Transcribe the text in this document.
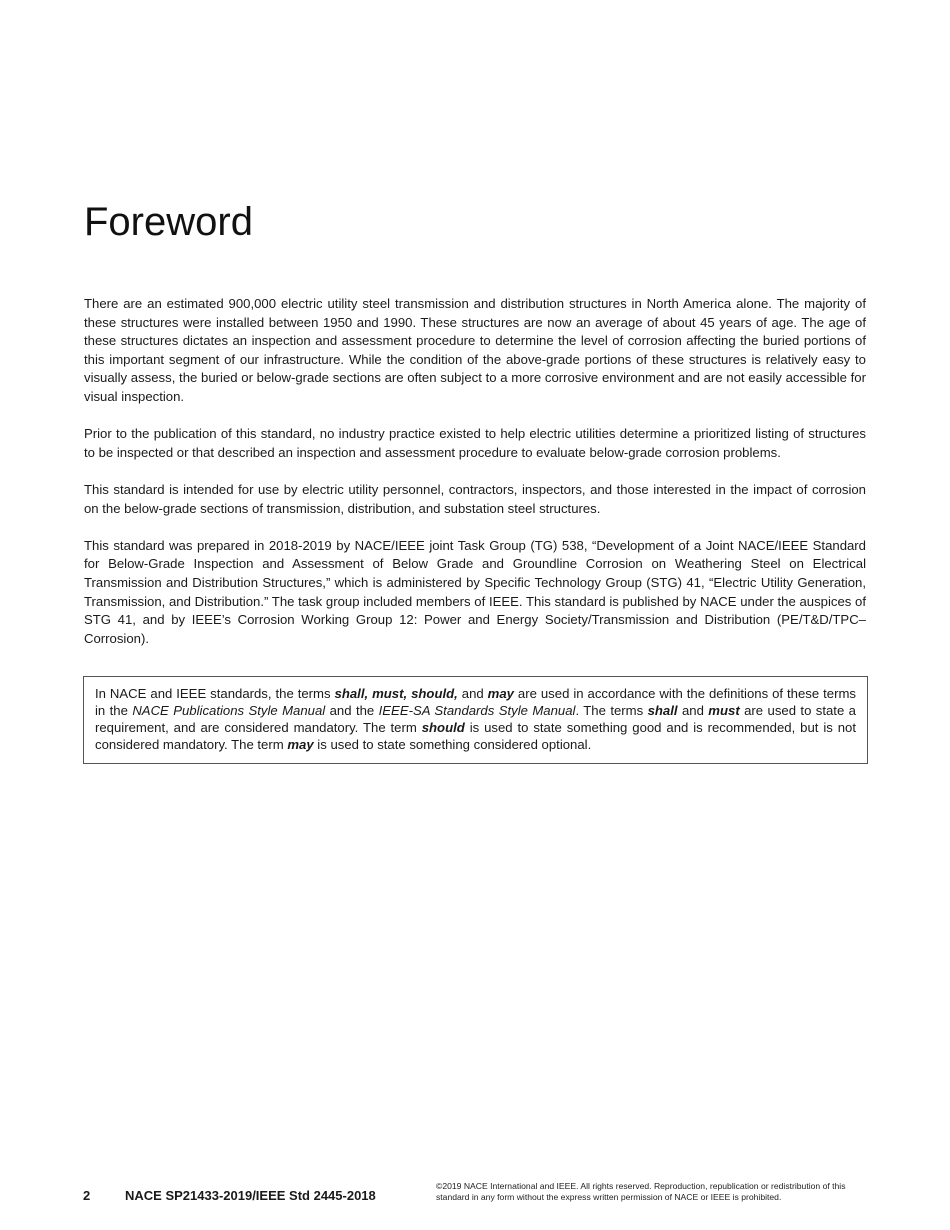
Foreword

There are an estimated 900,000 electric utility steel transmission and distribution structures in North America alone. The majority of these structures were installed between 1950 and 1990. These structures are now an average of about 45 years of age. The age of these structures dictates an inspection and assessment procedure to determine the level of corrosion affecting the buried portions of this important segment of our infrastructure. While the condition of the above-grade portions of these structures is relatively easy to visually assess, the buried or below-grade sections are often subject to a more corrosive environment and are not easily accessible for visual inspection.

Prior to the publication of this standard, no industry practice existed to help electric utilities determine a prioritized listing of structures to be inspected or that described an inspection and assessment procedure to evaluate below-grade corrosion problems.

This standard is intended for use by electric utility personnel, contractors, inspectors, and those interested in the impact of corrosion on the below-grade sections of transmission, distribution, and substation steel structures.

This standard was prepared in 2018-2019 by NACE/IEEE joint Task Group (TG) 538, “Development of a Joint NACE/IEEE Standard for Below-Grade Inspection and Assessment of Below Grade and Groundline Corrosion on Weathering Steel on Electrical Transmission and Distribution Structures,” which is administered by Specific Technology Group (STG) 41, “Electric Utility Generation, Transmission, and Distribution.” The task group included members of IEEE. This standard is published by NACE under the auspices of STG 41, and by IEEE’s Corrosion Working Group 12: Power and Energy Society/Transmission and Distribution (PE/T&D/TPC–Corrosion).

In NACE and IEEE standards, the terms shall, must, should, and may are used in accordance with the definitions of these terms in the NACE Publications Style Manual and the IEEE-SA Standards Style Manual. The terms shall and must are used to state a requirement, and are considered mandatory. The term should is used to state something good and is recommended, but is not considered mandatory. The term may is used to state something considered optional.
2	NACE SP21433-2019/IEEE Std 2445-2018
©2019 NACE International and IEEE. All rights reserved. Reproduction, republication or redistribution of this standard in any form without the express written permission of NACE or IEEE is prohibited.
